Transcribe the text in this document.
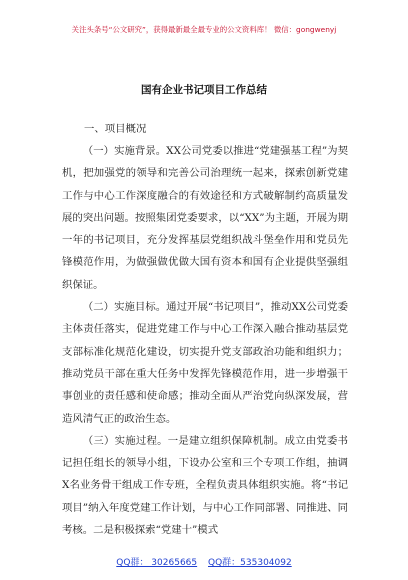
关注头条号“公文研究”，获得最新最全最专业的公文资料库！ 微信：gongwenyj
国有企业书记项目工作总结
一、项目概况

（一）实施背景。XX公司党委以推进“党建强基工程”为契机，把加强党的领导和完善公司治理统一起来，探索创新党建工作与中心工作深度融合的有效途径和方式破解制约高质量发展的突出问题。按照集团党委要求，以“XX”为主题，开展为期一年的书记项目，充分发挥基层党组织战斗堡垒作用和党员先锋模范作用，为做强做优做大国有资本和国有企业提供坚强组织保证。

（二）实施目标。通过开展“书记项目”，推动XX公司党委主体责任落实，促进党建工作与中心工作深入融合推动基层党支部标准化规范化建设，切实提升党支部政治功能和组织力；推动党员干部在重大任务中发挥先锋模范作用，进一步增强干事创业的责任感和使命感；推动全面从严治党向纵深发展，营造风清气正的政治生态。

（三）实施过程。一是建立组织保障机制。成立由党委书记担任组长的领导小组，下设办公室和三个专项工作组，抽调X名业务骨干组成工作专班，全程负责具体组织实施。将“书记项目”纳入年度党建工作计划，与中心工作同部署、同推进、同考核。二是积极探索“党建十”模式

QQ群： 30265665 QQ群：535304092
